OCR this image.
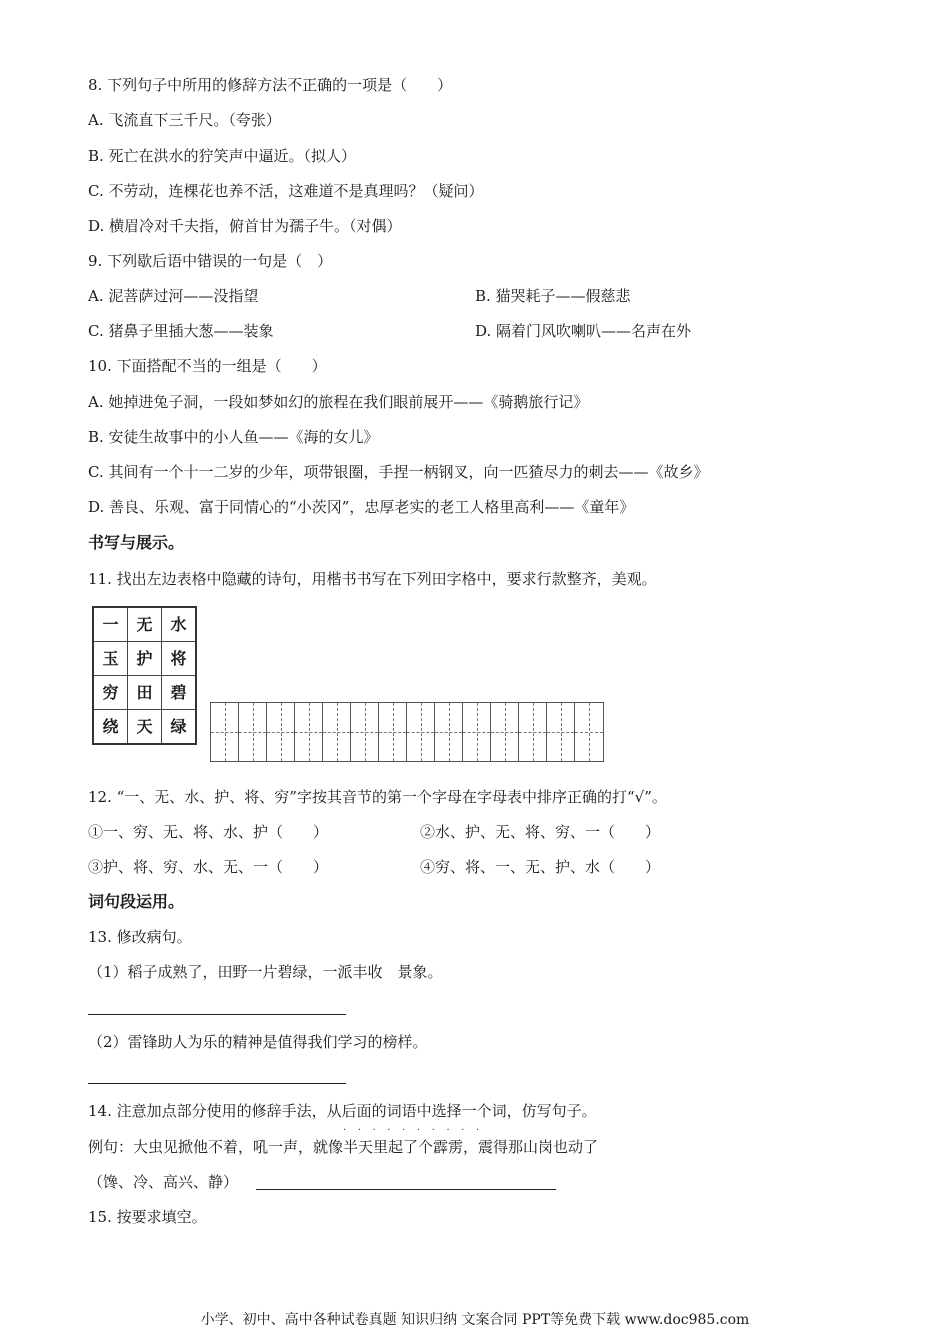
8. 下列句子中所用的修辞方法不正确的一项是（　　）
A. 飞流直下三千尺。（夸张）
B. 死亡在洪水的狞笑声中逼近。（拟人）
C. 不劳动，连棵花也养不活，这难道不是真理吗？（疑问）
D. 横眉冷对千夫指，俯首甘为孺子牛。（对偶）
9. 下列歇后语中错误的一句是（　）
A. 泥菩萨过河——没指望	B. 猫哭耗子——假慈悲
C. 猪鼻子里插大葱——装象	D. 隔着门风吹喇叭——名声在外
10. 下面搭配不当的一组是（　　）
A. 她掉进兔子洞，一段如梦如幻的旅程在我们眼前展开——《骑鹅旅行记》
B. 安徒生故事中的小人鱼——《海的女儿》
C. 其间有一个十一二岁的少年，项带银圈，手捏一柄钢叉，向一匹猹尽力的刺去——《故乡》
D. 善良、乐观、富于同情心的“小茨冈”，忠厚老实的老工人格里高利——《童年》
书写与展示。
11. 找出左边表格中隐藏的诗句，用楷书书写在下列田字格中，要求行款整齐，美观。
一	无	水

玉	护	将

穷	田	碧

绕	天	绿
12. “一、无、水、护、将、穷”字按其音节的第一个字母在字母表中排序正确的打“√”。
①一、穷、无、将、水、护（　　）	②水、护、无、将、穷、一（　　）
③护、将、穷、水、无、一（　　）	④穷、将、一、无、护、水（　　）
词句段运用。
13. 修改病句。
（1）稻子成熟了，田野一片碧绿，一派丰收　景象。
（2）雷锋助人为乐的精神是值得我们学习的榜样。
14. 注意加点部分使用的修辞手法，从后面的词语中选择一个词，仿写句子。
··········
例句：大虫见掀他不着，吼一声，就像半天里起了个霹雳，震得那山岗也动了
（馋、冷、高兴、静）
15. 按要求填空。
小学、初中、高中各种试卷真题 知识归纳 文案合同 PPT等免费下载 www.doc985.com
